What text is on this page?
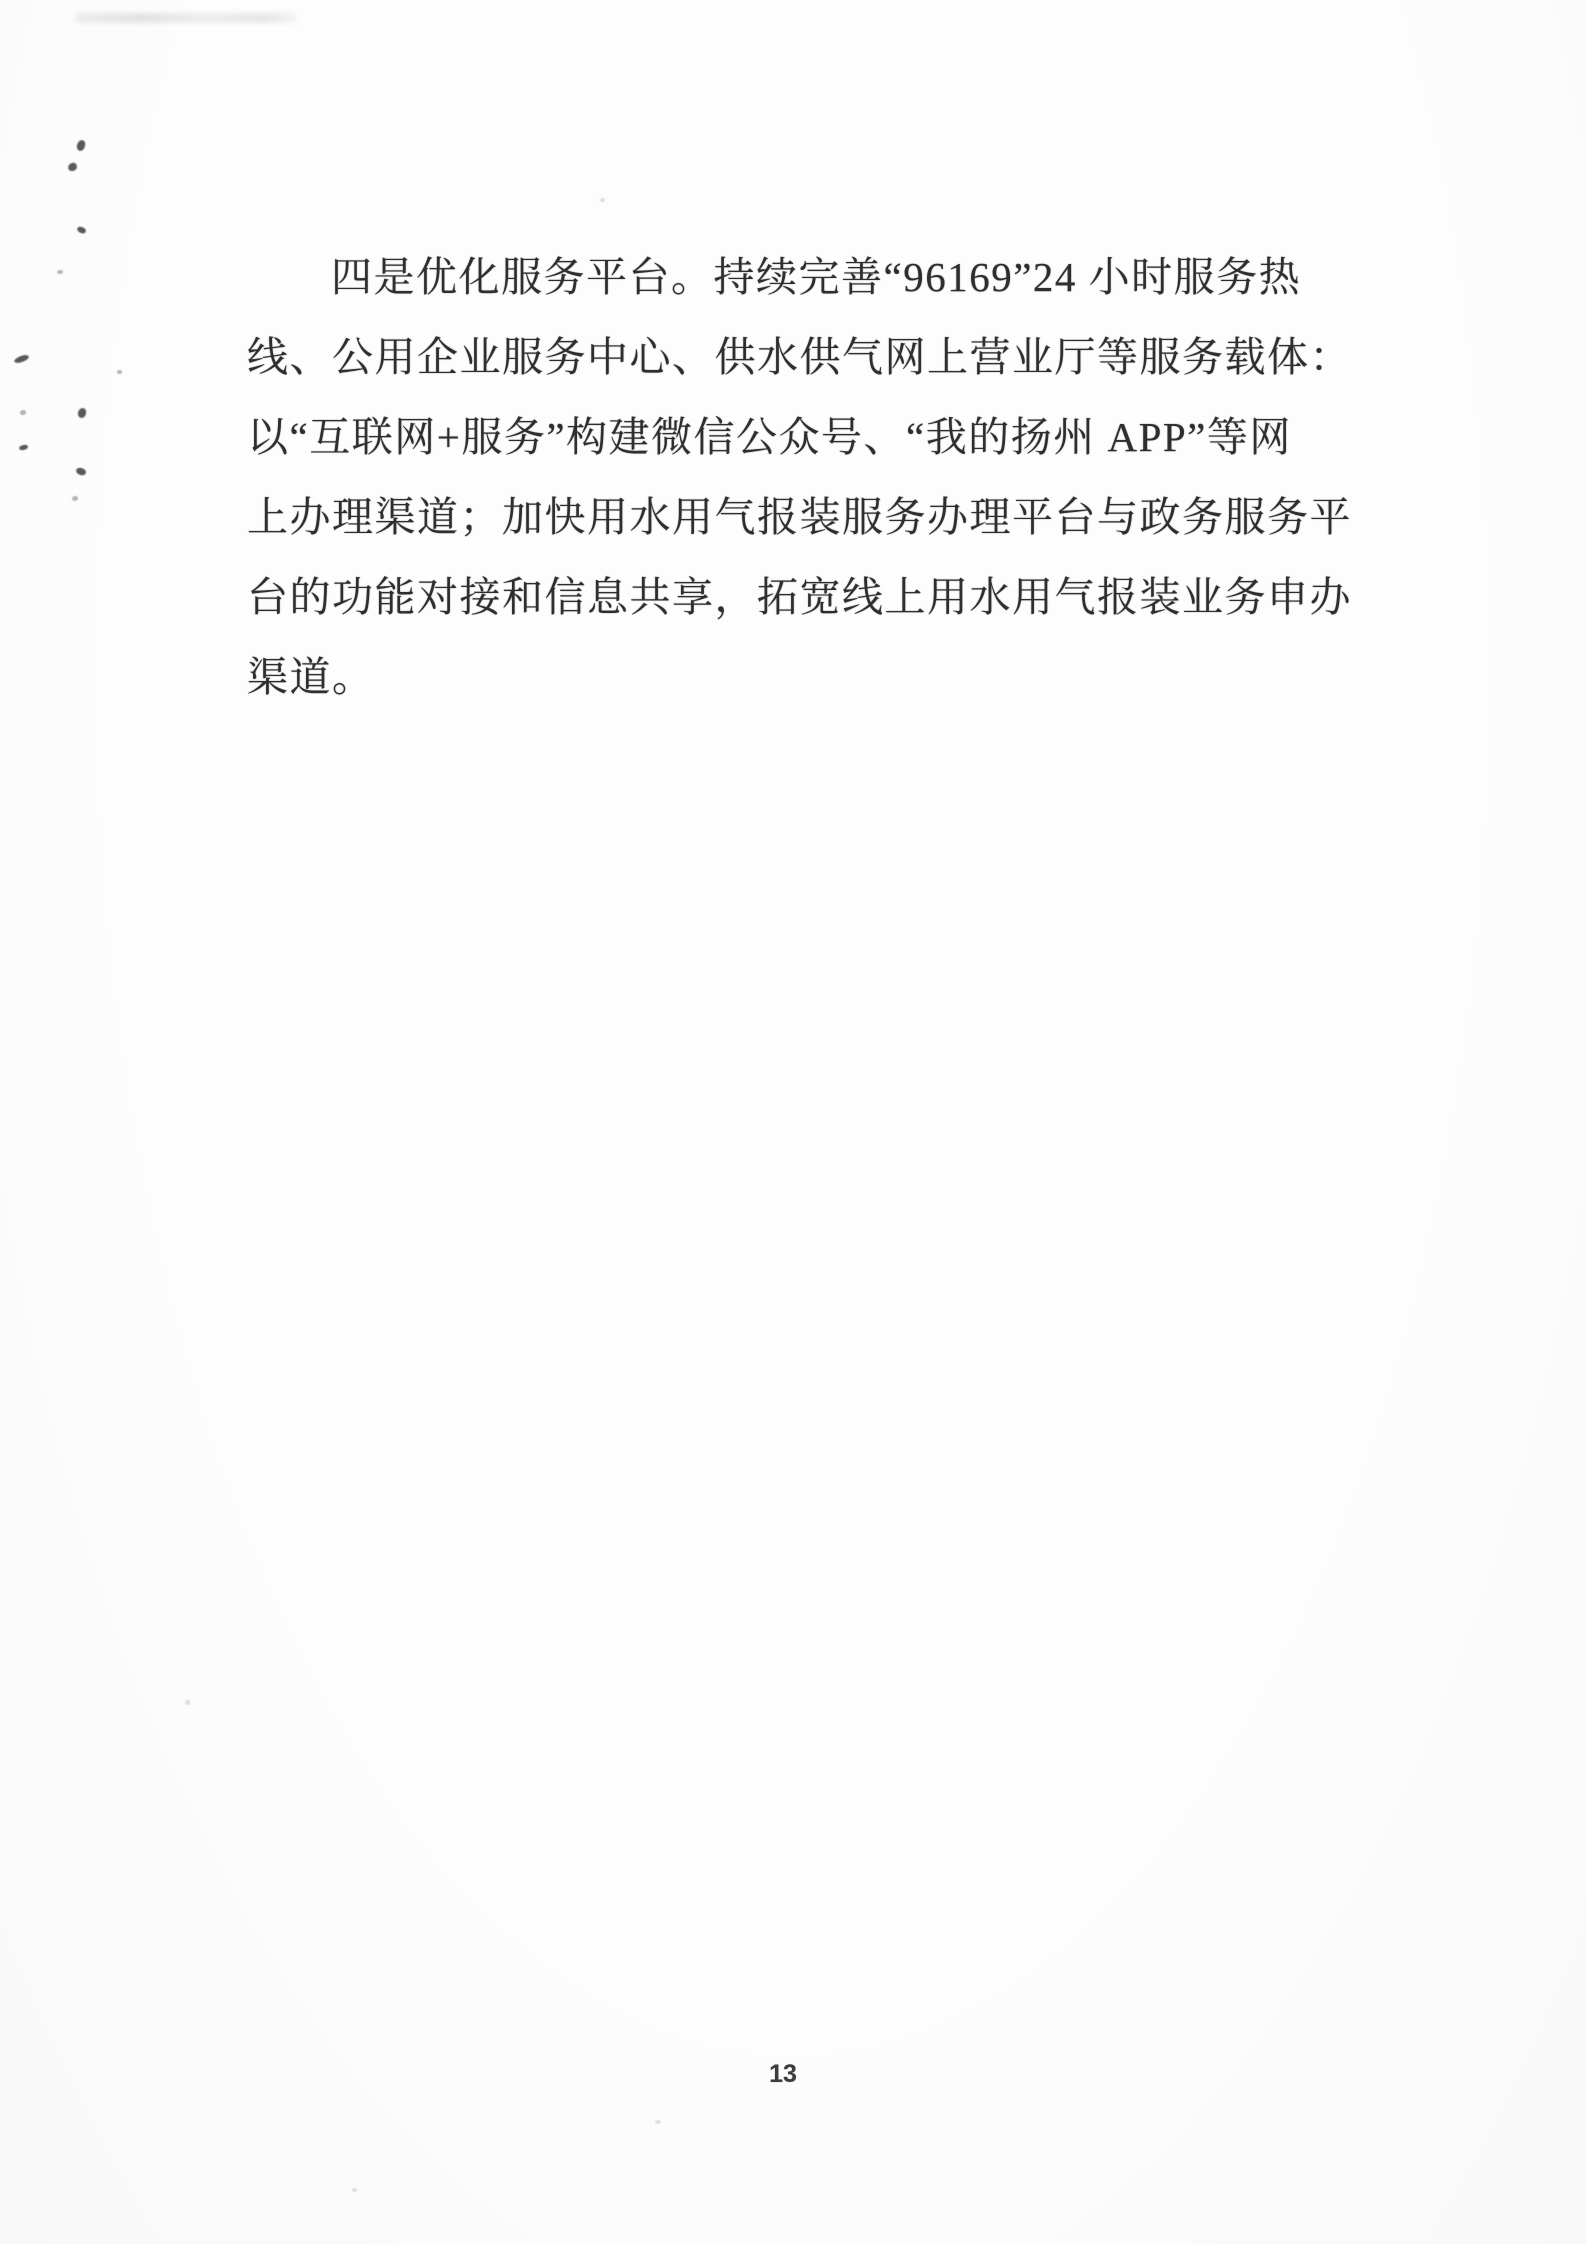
四是优化服务平台。持续完善“96169”24 小时服务热
线、公用企业服务中心、供水供气网上营业厅等服务载体：
以“互联网+服务”构建微信公众号、“我的扬州 APP”等网
上办理渠道；加快用水用气报装服务办理平台与政务服务平
台的功能对接和信息共享，拓宽线上用水用气报装业务申办
渠道。
13
